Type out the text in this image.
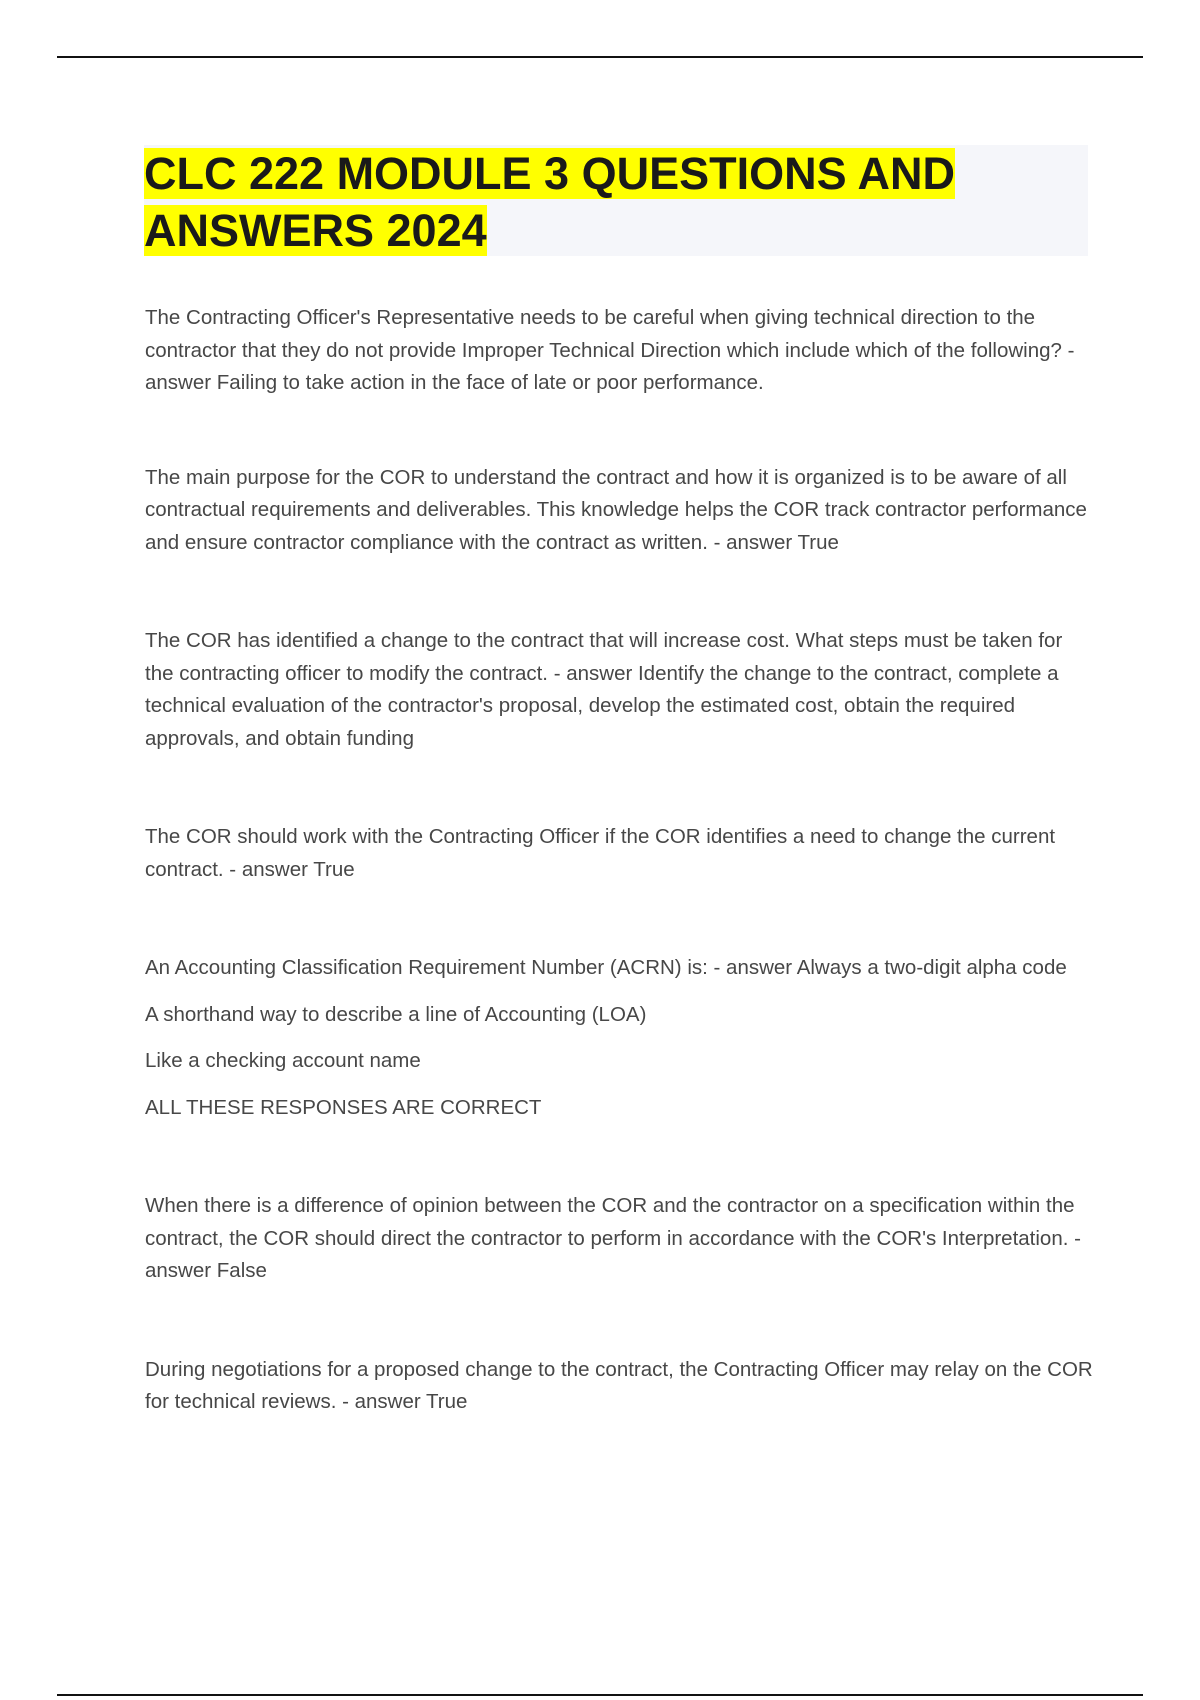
CLC 222 MODULE 3 QUESTIONS AND
ANSWERS 2024

The Contracting Officer's Representative needs to be careful when giving technical direction to the contractor that they do not provide Improper Technical Direction which include which of the following? - answer Failing to take action in the face of late or poor performance.

The main purpose for the COR to understand the contract and how it is organized is to be aware of all contractual requirements and deliverables. This knowledge helps the COR track contractor performance and ensure contractor compliance with the contract as written. - answer True

The COR has identified a change to the contract that will increase cost. What steps must be taken for the contracting officer to modify the contract. - answer Identify the change to the contract, complete a technical evaluation of the contractor's proposal, develop the estimated cost, obtain the required approvals, and obtain funding

The COR should work with the Contracting Officer if the COR identifies a need to change the current contract. - answer True

An Accounting Classification Requirement Number (ACRN) is: - answer Always a two-digit alpha code

A shorthand way to describe a line of Accounting (LOA)

Like a checking account name

ALL THESE RESPONSES ARE CORRECT

When there is a difference of opinion between the COR and the contractor on a specification within the contract, the COR should direct the contractor to perform in accordance with the COR's Interpretation. - answer False

During negotiations for a proposed change to the contract, the Contracting Officer may relay on the COR for technical reviews. - answer True
